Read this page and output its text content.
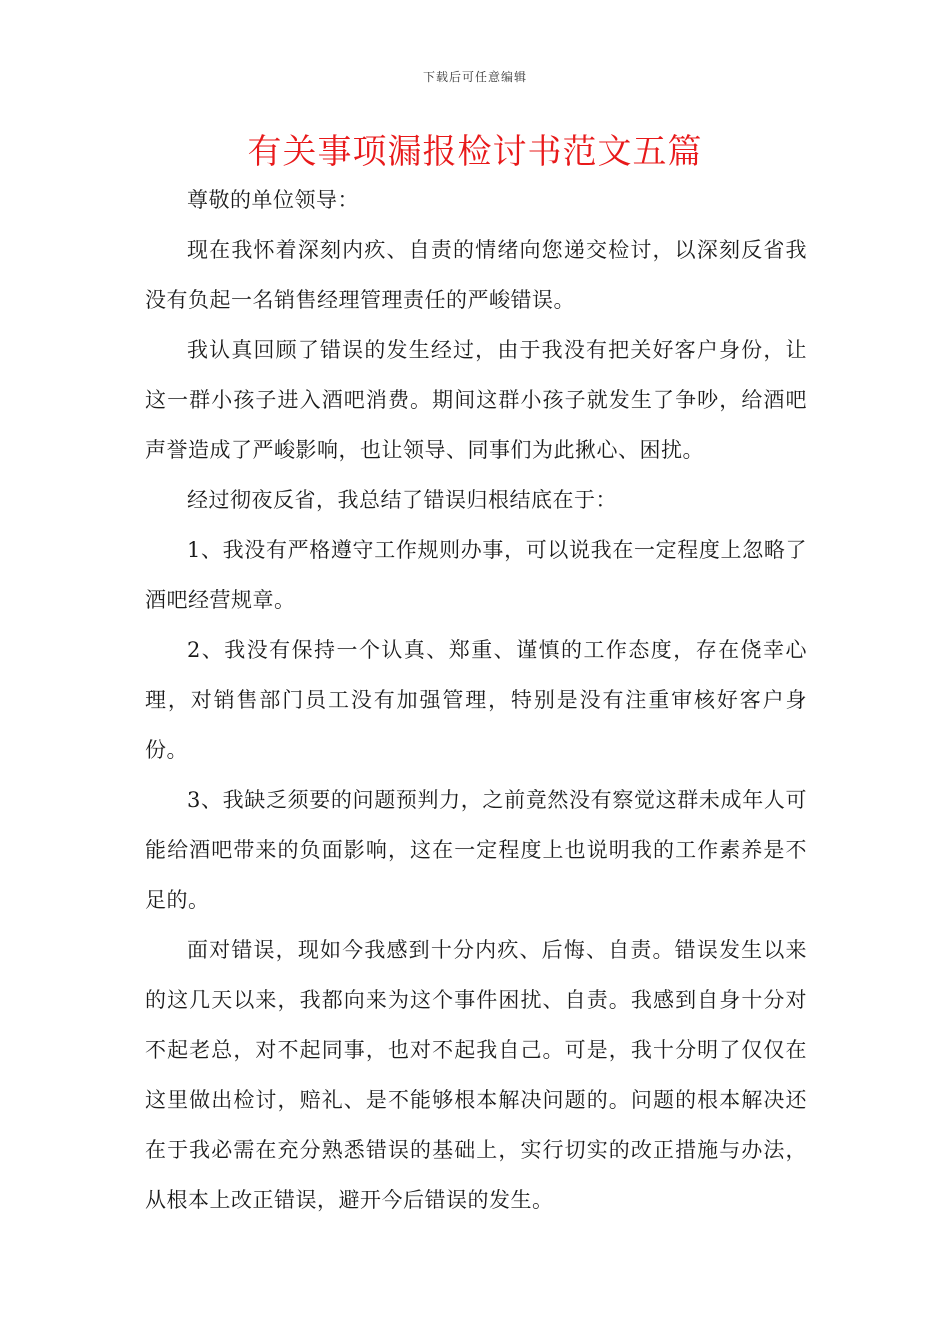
下载后可任意编辑
有关事项漏报检讨书范文五篇

尊敬的单位领导：

现在我怀着深刻内疚、自责的情绪向您递交检讨，以深刻反省我没有负起一名销售经理管理责任的严峻错误。

我认真回顾了错误的发生经过，由于我没有把关好客户身份，让这一群小孩子进入酒吧消费。期间这群小孩子就发生了争吵，给酒吧声誉造成了严峻影响，也让领导、同事们为此揪心、困扰。

经过彻夜反省，我总结了错误归根结底在于：

1、我没有严格遵守工作规则办事，可以说我在一定程度上忽略了酒吧经营规章。

2、我没有保持一个认真、郑重、谨慎的工作态度，存在侥幸心理，对销售部门员工没有加强管理，特别是没有注重审核好客户身份。

3、我缺乏须要的问题预判力，之前竟然没有察觉这群未成年人可能给酒吧带来的负面影响，这在一定程度上也说明我的工作素养是不足的。

面对错误，现如今我感到十分内疚、后悔、自责。错误发生以来的这几天以来，我都向来为这个事件困扰、自责。我感到自身十分对不起老总，对不起同事，也对不起我自己。可是，我十分明了仅仅在这里做出检讨，赔礼、是不能够根本解决问题的。问题的根本解决还在于我必需在充分熟悉错误的基础上，实行切实的改正措施与办法，从根本上改正错误，避开今后错误的发生。
